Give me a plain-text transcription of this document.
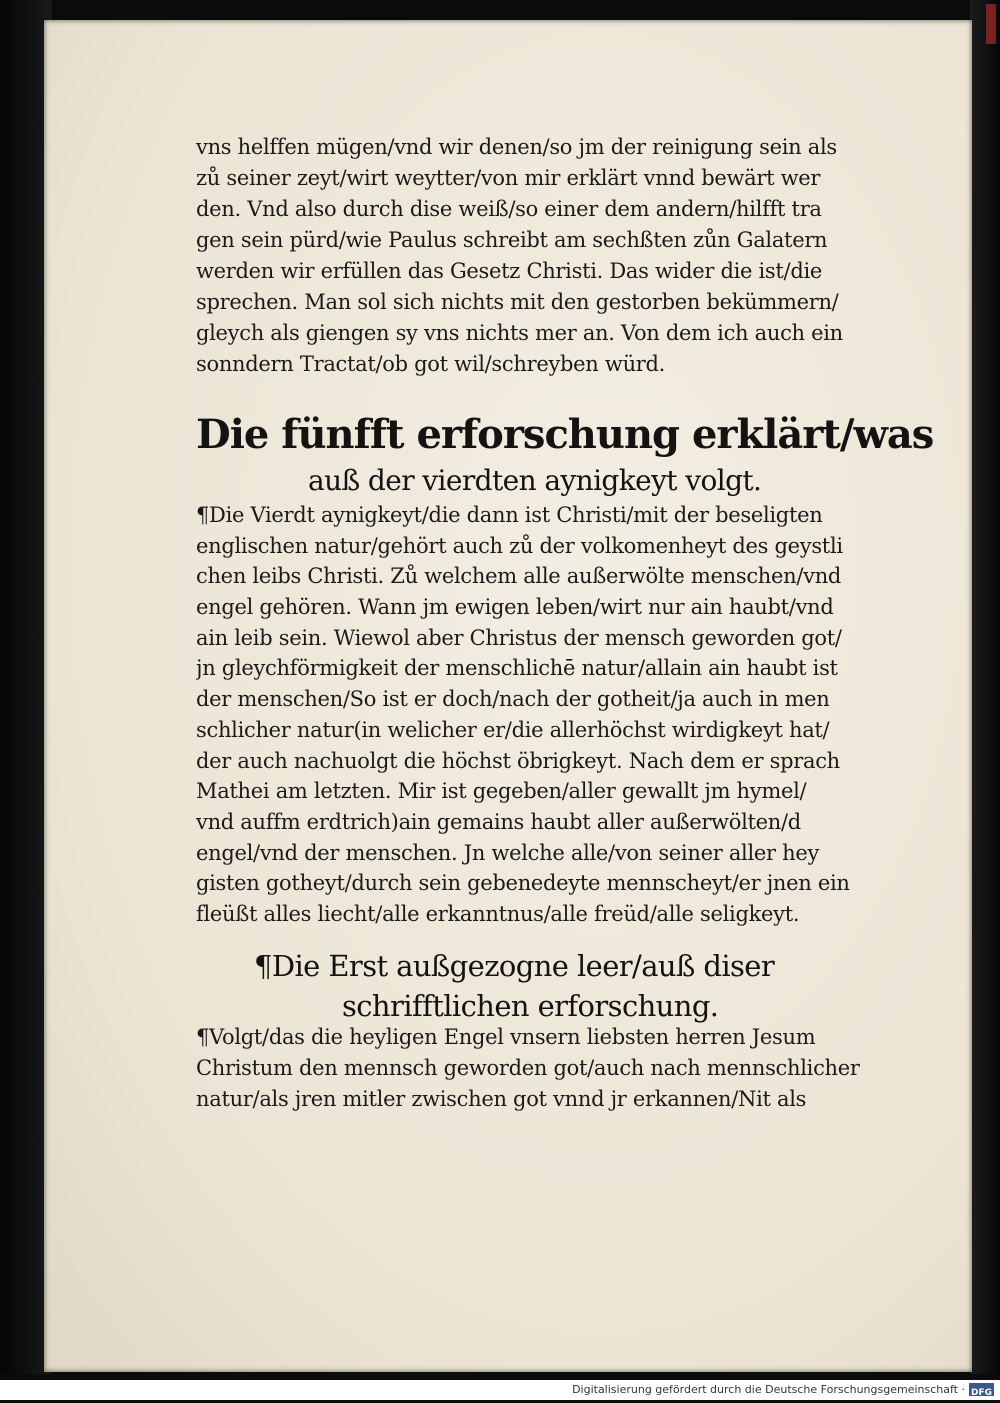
vns helffen mügen/vnd wir denen/so jm der reinigung sein als
zů seiner zeyt/wirt weytter/von mir erklärt vnnd bewärt wer
den. Vnd also durch dise weiß/so einer dem andern/hilfft tra
gen sein pürd/wie Paulus schreibt am sechßten zůn Galatern
werden wir erfüllen das Gesetz Christi. Das wider die ist/die
sprechen. Man sol sich nichts mit den gestorben bekümmern/
gleych als giengen sy vns nichts mer an. Von dem ich auch ein
sonndern Tractat/ob got wil/schreyben würd.
Die fünfft erforschung erklärt/was
auß der vierdten aynigkeyt volgt.
¶Die Vierdt aynigkeyt/die dann ist Christi/mit der beseligten
englischen natur/gehört auch zů der volkomenheyt des geystli
chen leibs Christi. Zů welchem alle außerwölte menschen/vnd
engel gehören. Wann jm ewigen leben/wirt nur ain haubt/vnd
ain leib sein. Wiewol aber Christus der mensch geworden got/
jn gleychförmigkeit der menschlichē natur/allain ain haubt ist
der menschen/So ist er doch/nach der gotheit/ja auch in men
schlicher natur(in welicher er/die allerhöchst wirdigkeyt hat/
der auch nachuolgt die höchst öbrigkeyt. Nach dem er sprach
Mathei am letzten. Mir ist gegeben/aller gewallt jm hymel/
vnd auffm erdtrich)ain gemains haubt aller außerwölten/d
engel/vnd der menschen. Jn welche alle/von seiner aller hey
gisten gotheyt/durch sein gebenedeyte mennscheyt/er jnen ein
fleüßt alles liecht/alle erkanntnus/alle freüd/alle seligkeyt.
¶Die Erst außgezogne leer/auß diser
schrifftlichen erforschung.
¶Volgt/das die heyligen Engel vnsern liebsten herren Jesum
Christum den mennsch geworden got/auch nach mennschlicher
natur/als jren mitler zwischen got vnnd jr erkannen/Nit als
Digitalisierung gefördert durch die Deutsche Forschungsgemeinschaft · DFG
